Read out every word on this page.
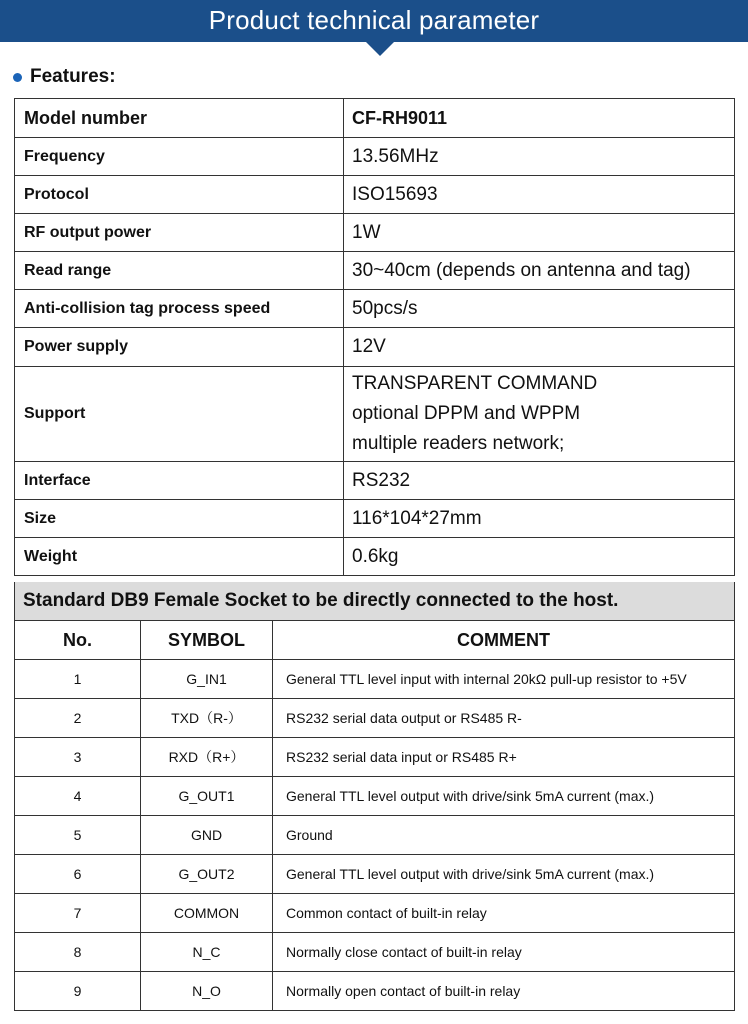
Product technical parameter
Features:
Model number	CF-RH9011
Frequency	13.56MHz
Protocol	ISO15693
RF output power	1W
Read range	30~40cm (depends on antenna and tag)
Anti-collision tag process speed	50pcs/s
Power supply	12V
Support	TRANSPARENT COMMAND
optional DPPM and WPPM
multiple readers network;

Interface	RS232
Size	116*104*27mm
Weight	0.6kg
Standard DB9 Female Socket to be directly connected to the host.
No.	SYMBOL	COMMENT
1	G_IN1	General TTL level input with internal 20kΩ pull-up resistor to +5V
2	TXD（R-）	RS232 serial data output or RS485 R-
3	RXD（R+）	RS232 serial data input or RS485 R+
4	G_OUT1	General TTL level output with drive/sink 5mA current (max.)
5	GND	Ground
6	G_OUT2	General TTL level output with drive/sink 5mA current (max.)
7	COMMON	Common contact of built-in relay
8	N_C	Normally close contact of built-in relay
9	N_O	Normally open contact of built-in relay
